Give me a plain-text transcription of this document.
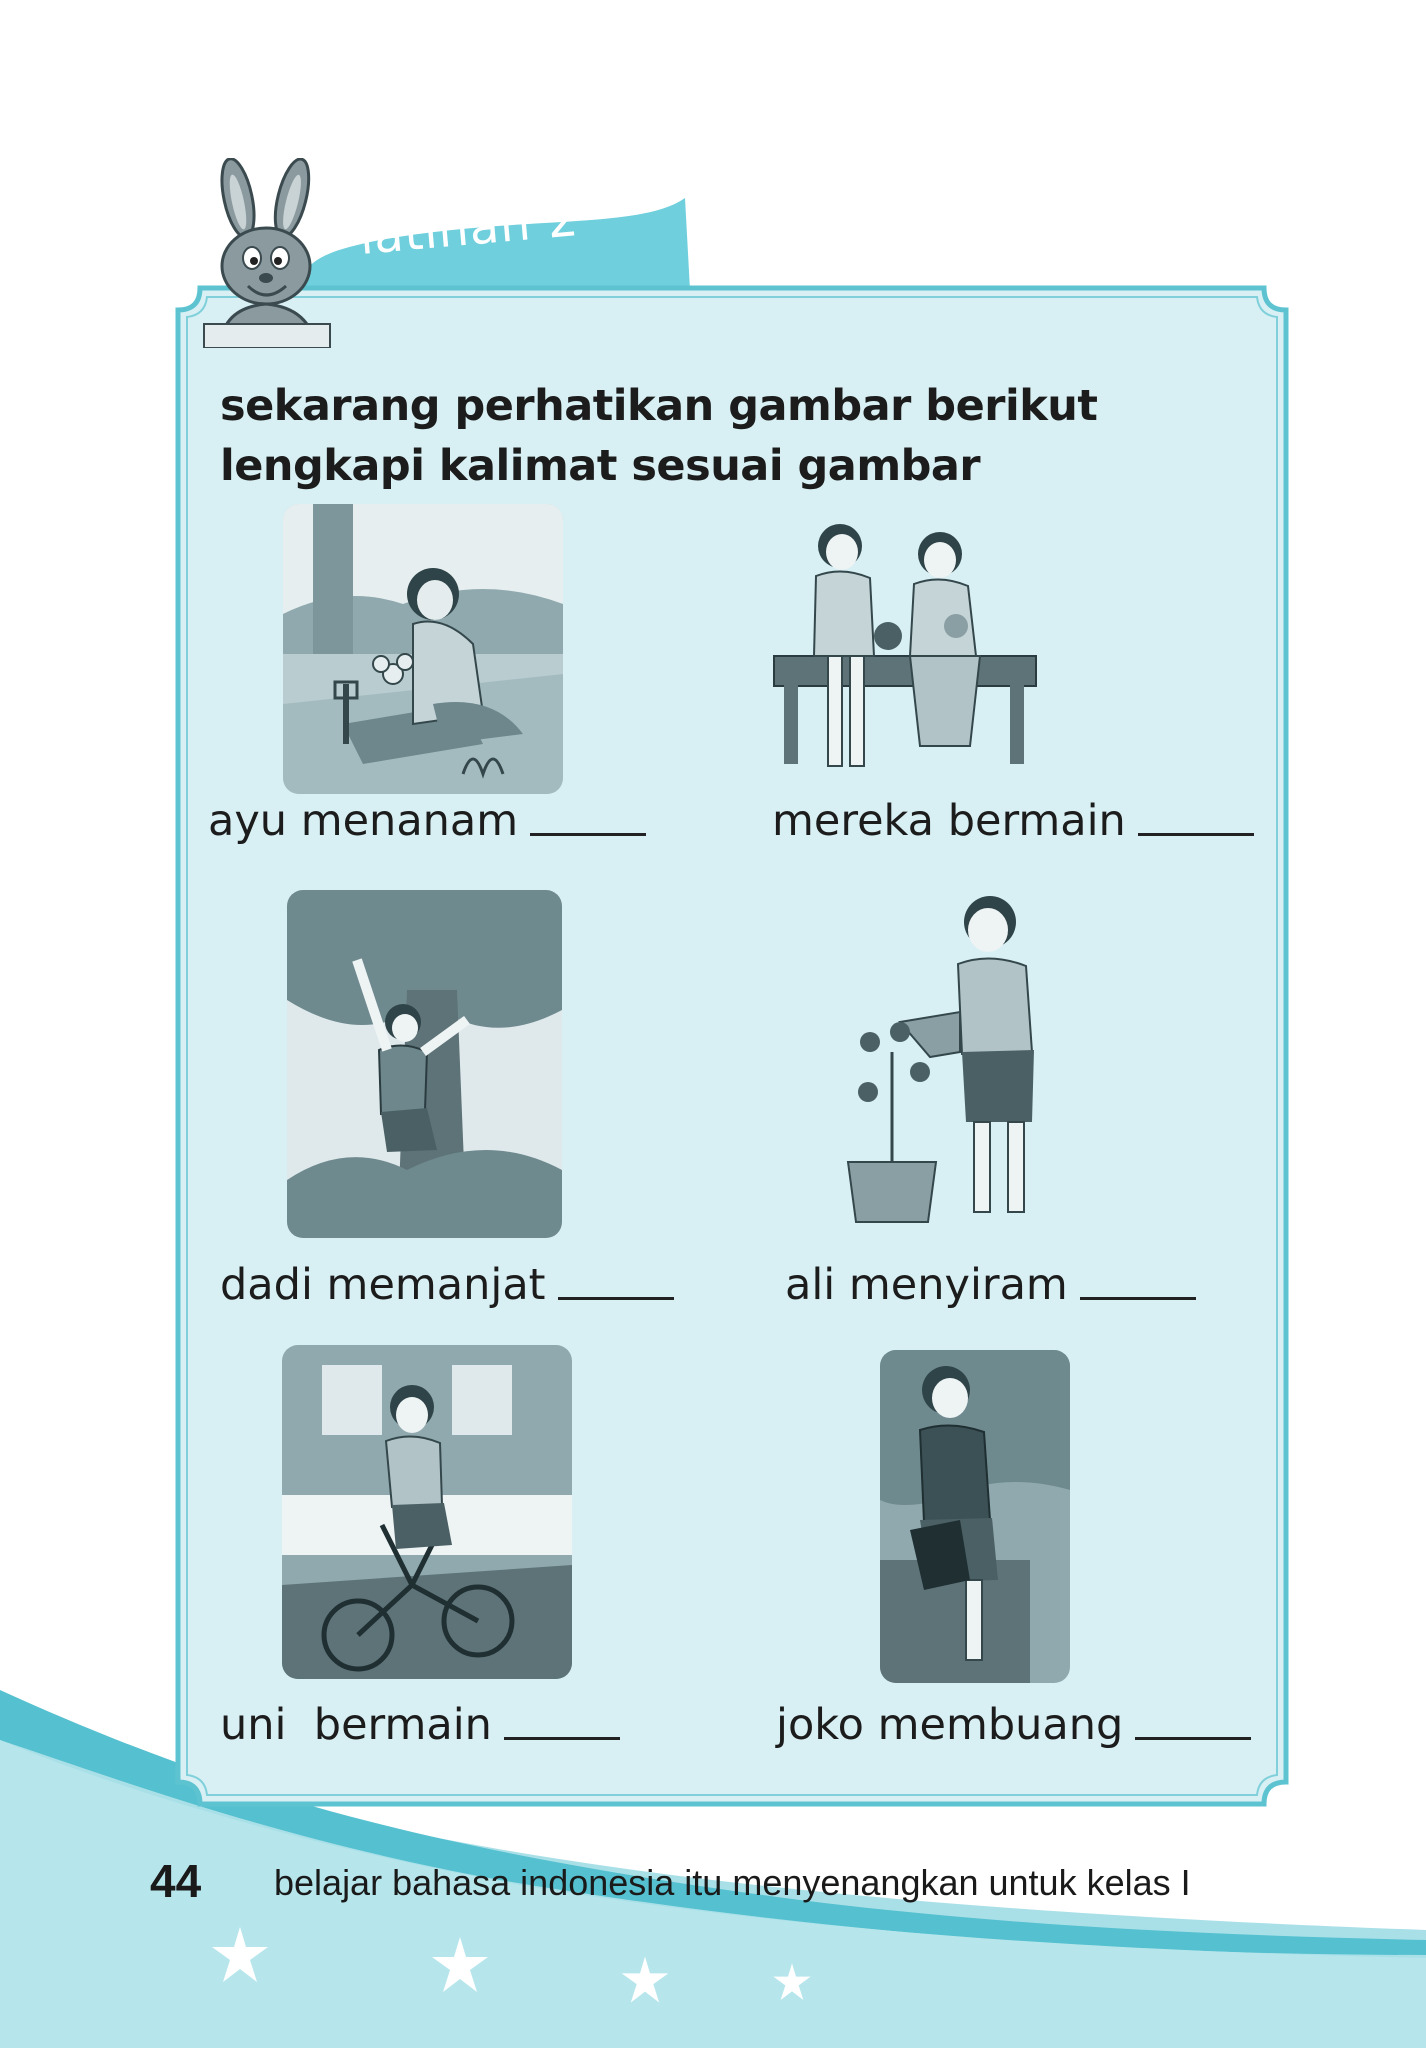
latihan 2
sekarang perhatikan gambar berikut
lengkapi kalimat sesuai gambar
ayu menanam	mereka bermain
dadi memanjat	ali menyiram
uni  bermain	joko membuang
44 belajar bahasa indonesia itu menyenangkan untuk kelas I
